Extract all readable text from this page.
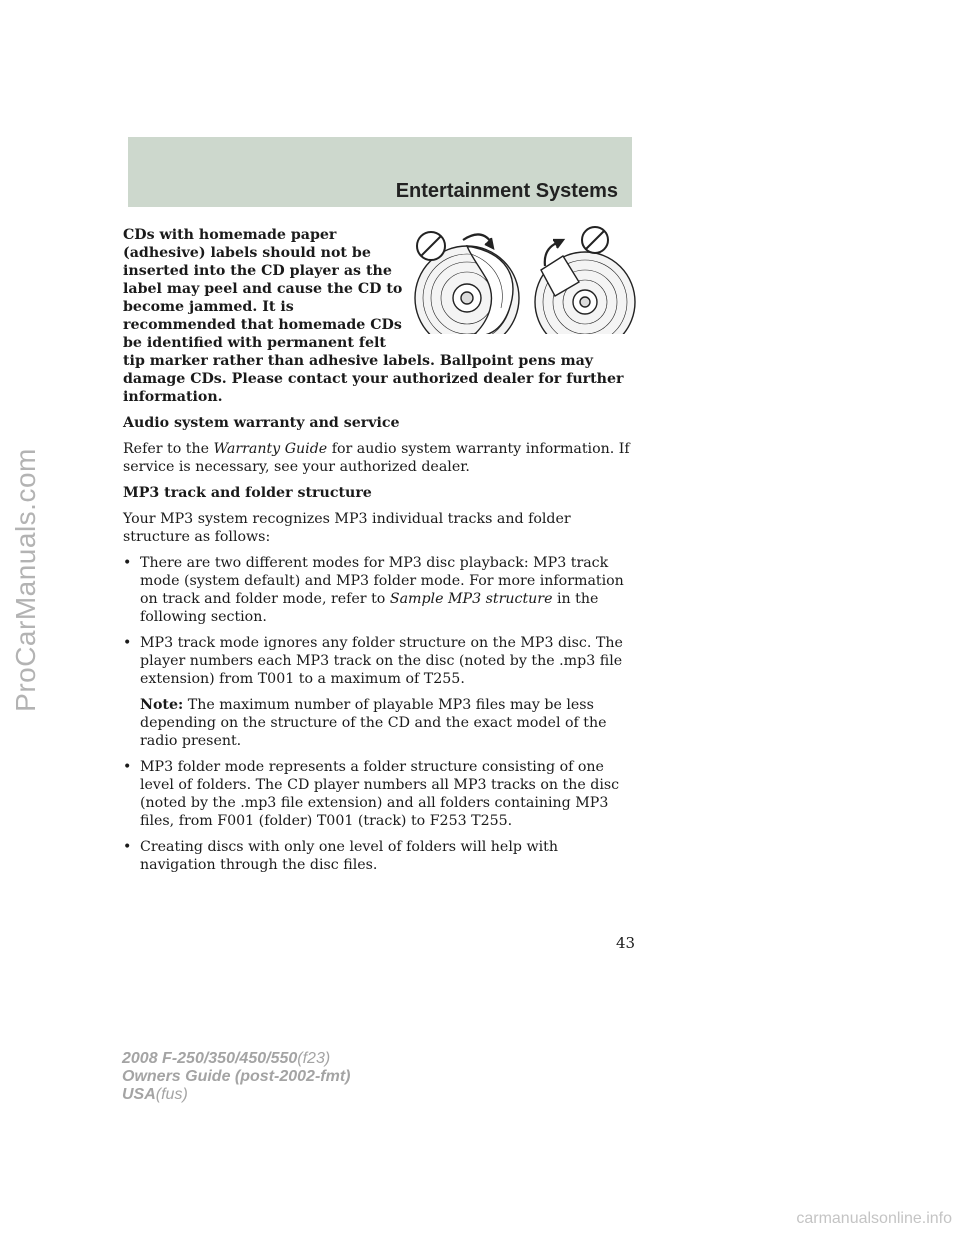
Entertainment Systems
ProCarManuals.com
CDs with homemade paper (adhesive) labels should not be inserted into the CD player as the label may peel and cause the CD to become jammed. It is recommended that homemade CDs be identified with permanent felt tip marker rather than adhesive labels. Ballpoint pens may damage CDs. Please contact your authorized dealer for further information.

Audio system warranty and service

Refer to the Warranty Guide for audio system warranty information. If service is necessary, see your authorized dealer.

MP3 track and folder structure

Your MP3 system recognizes MP3 individual tracks and folder structure as follows:

• There are two different modes for MP3 disc playback: MP3 track mode (system default) and MP3 folder mode. For more information on track and folder mode, refer to Sample MP3 structure in the following section.
• MP3 track mode ignores any folder structure on the MP3 disc. The player numbers each MP3 track on the disc (noted by the .mp3 file extension) from T001 to a maximum of T255.

Note: The maximum number of playable MP3 files may be less depending on the structure of the CD and the exact model of the radio present.

• MP3 folder mode represents a folder structure consisting of one level of folders. The CD player numbers all MP3 tracks on the disc (noted by the .mp3 file extension) and all folders containing MP3 files, from F001 (folder) T001 (track) to F253 T255.
• Creating discs with only one level of folders will help with navigation through the disc files.
43
2008 F-250/350/450/550(f23)
Owners Guide (post-2002-fmt)
USA(fus)
carmanualsonline.info
